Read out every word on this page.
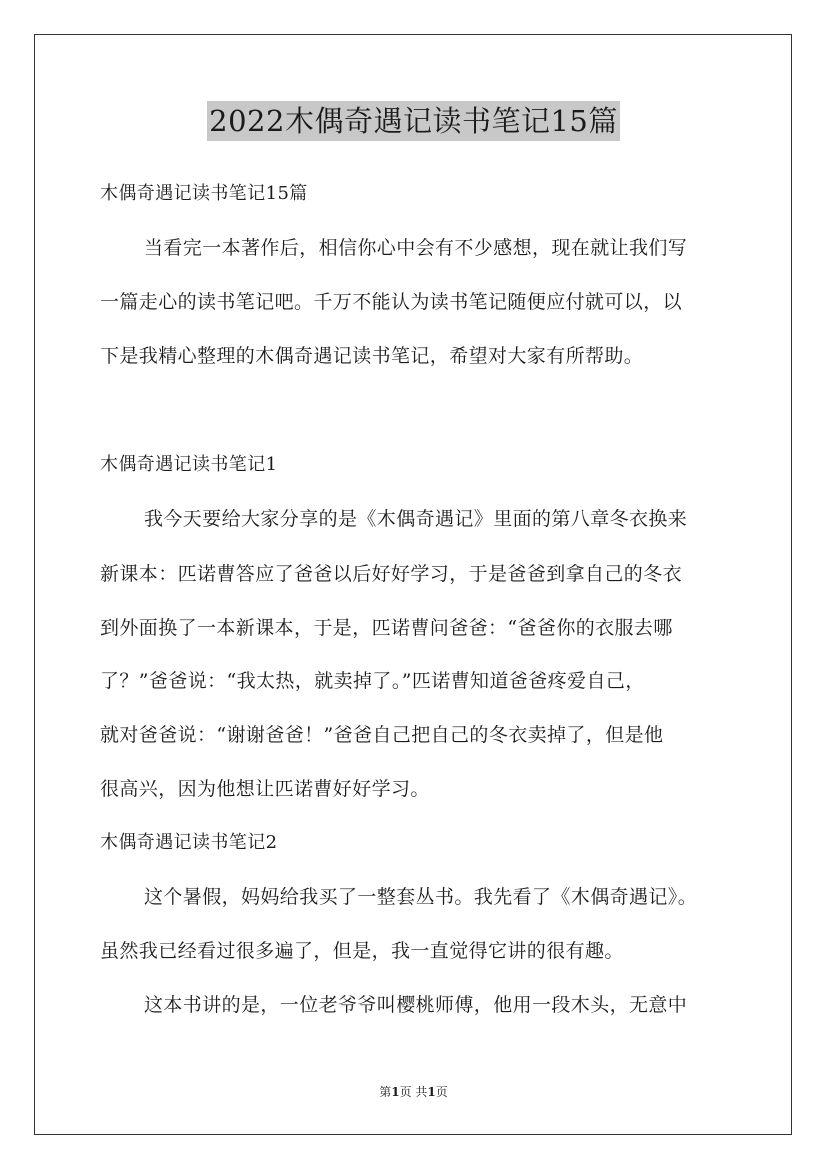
2022木偶奇遇记读书笔记15篇
木偶奇遇记读书笔记15篇
当看完一本著作后，相信你心中会有不少感想，现在就让我们写
一篇走心的读书笔记吧。千万不能认为读书笔记随便应付就可以，以
下是我精心整理的木偶奇遇记读书笔记，希望对大家有所帮助。
木偶奇遇记读书笔记1
我今天要给大家分享的是《木偶奇遇记》里面的第八章冬衣换来
新课本：匹诺曹答应了爸爸以后好好学习，于是爸爸到拿自己的冬衣
到外面换了一本新课本，于是，匹诺曹问爸爸：“爸爸你的衣服去哪
了？”爸爸说：“我太热，就卖掉了。”匹诺曹知道爸爸疼爱自己，
就对爸爸说：“谢谢爸爸！”爸爸自己把自己的冬衣卖掉了，但是他
很高兴，因为他想让匹诺曹好好学习。
木偶奇遇记读书笔记2
这个暑假，妈妈给我买了一整套丛书。我先看了《木偶奇遇记》。
虽然我已经看过很多遍了，但是，我一直觉得它讲的很有趣。
这本书讲的是，一位老爷爷叫樱桃师傅，他用一段木头，无意中
第1页 共1页
